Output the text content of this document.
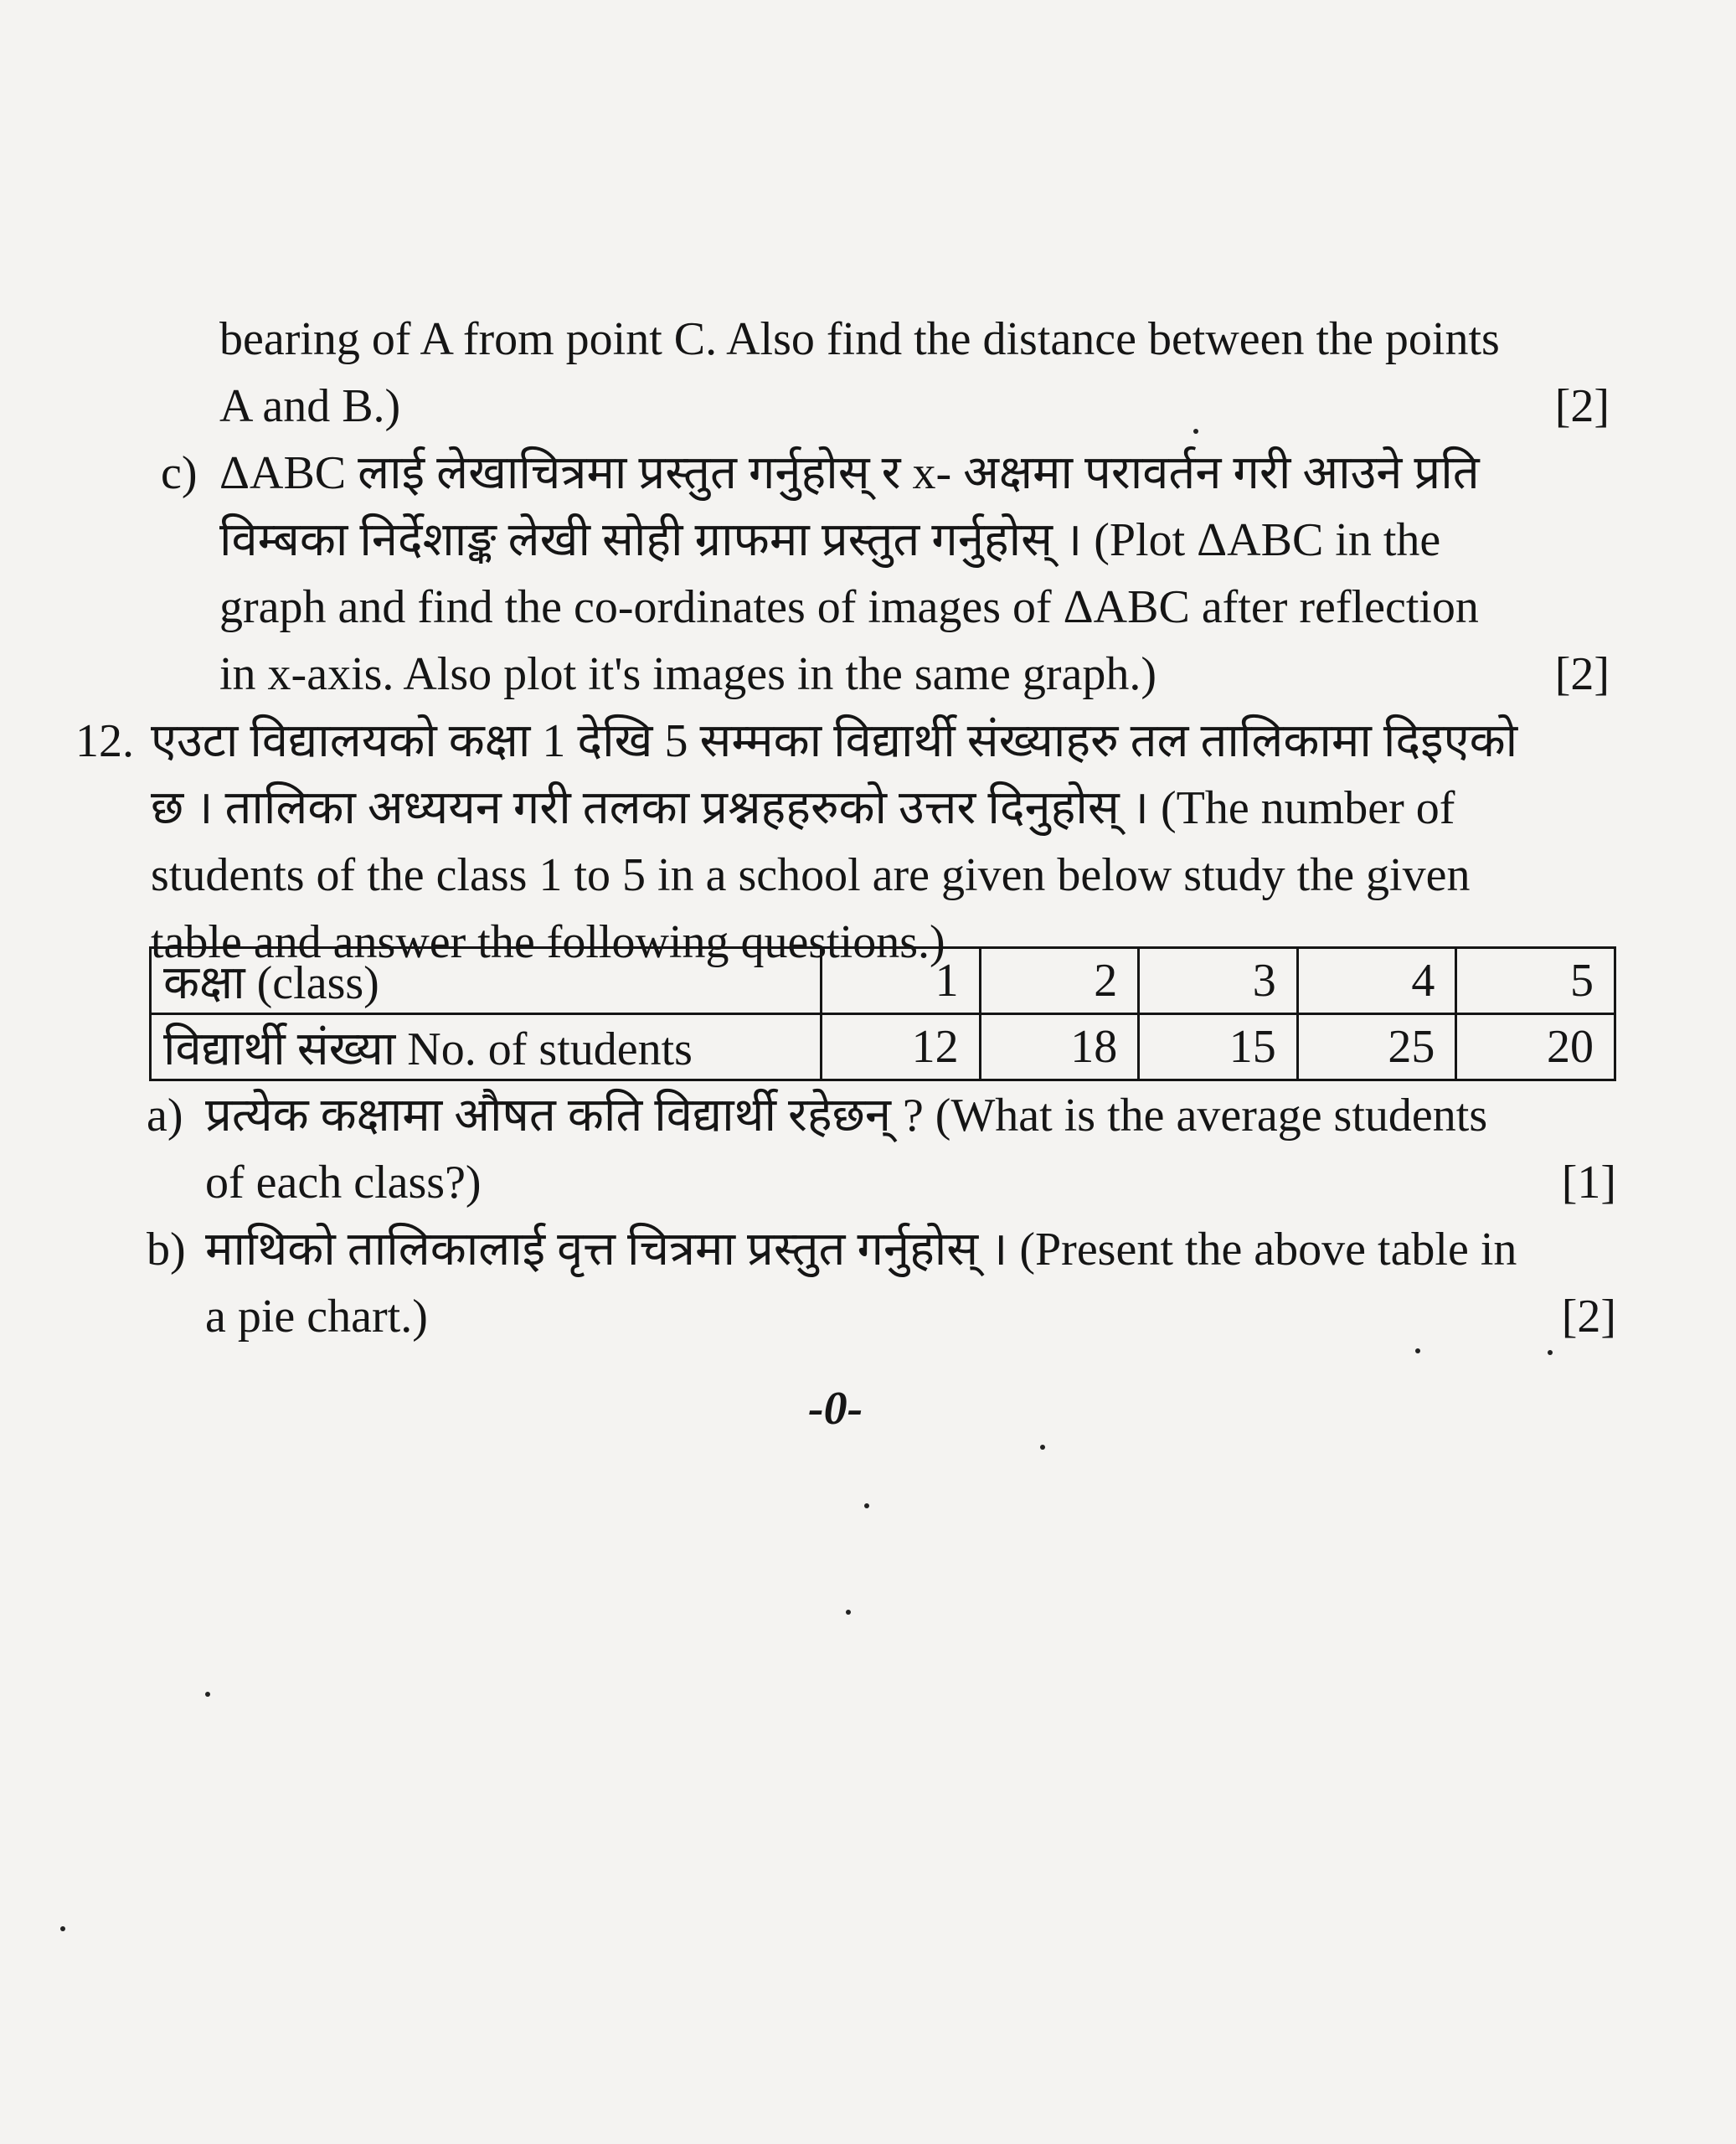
bearing of A from point C. Also find the distance between the points
A and B.)	[2]
c) ΔABC लाई लेखाचित्रमा प्रस्तुत गर्नुहोस् र x- अक्षमा परावर्तन गरी आउने प्रति
विम्बका निर्देशाङ्क लेखी सोही ग्राफमा प्रस्तुत गर्नुहोस् । (Plot ΔABC in the
graph and find the co-ordinates of images of ΔABC after reflection
in x-axis. Also plot it's images in the same graph.)	[2]
12. एउटा विद्यालयको कक्षा 1 देखि 5 सम्मका विद्यार्थी संख्याहरु तल तालिकामा दिइएको
छ । तालिका अध्ययन गरी तलका प्रश्नहहरुको उत्तर दिनुहोस् । (The number of
students of the class 1 to 5 in a school are given below study the given
table and answer the following questions.)
कक्षा (class)	1	2	3	4	5
विद्यार्थी संख्या No. of students	12	18	15	25	20
a) प्रत्येक कक्षामा औषत कति विद्यार्थी रहेछन् ? (What is the average students
of each class?)	[1]
b) माथिको तालिकालाई वृत्त चित्रमा प्रस्तुत गर्नुहोस् । (Present the above table in
a pie chart.)	[2]
-0-
